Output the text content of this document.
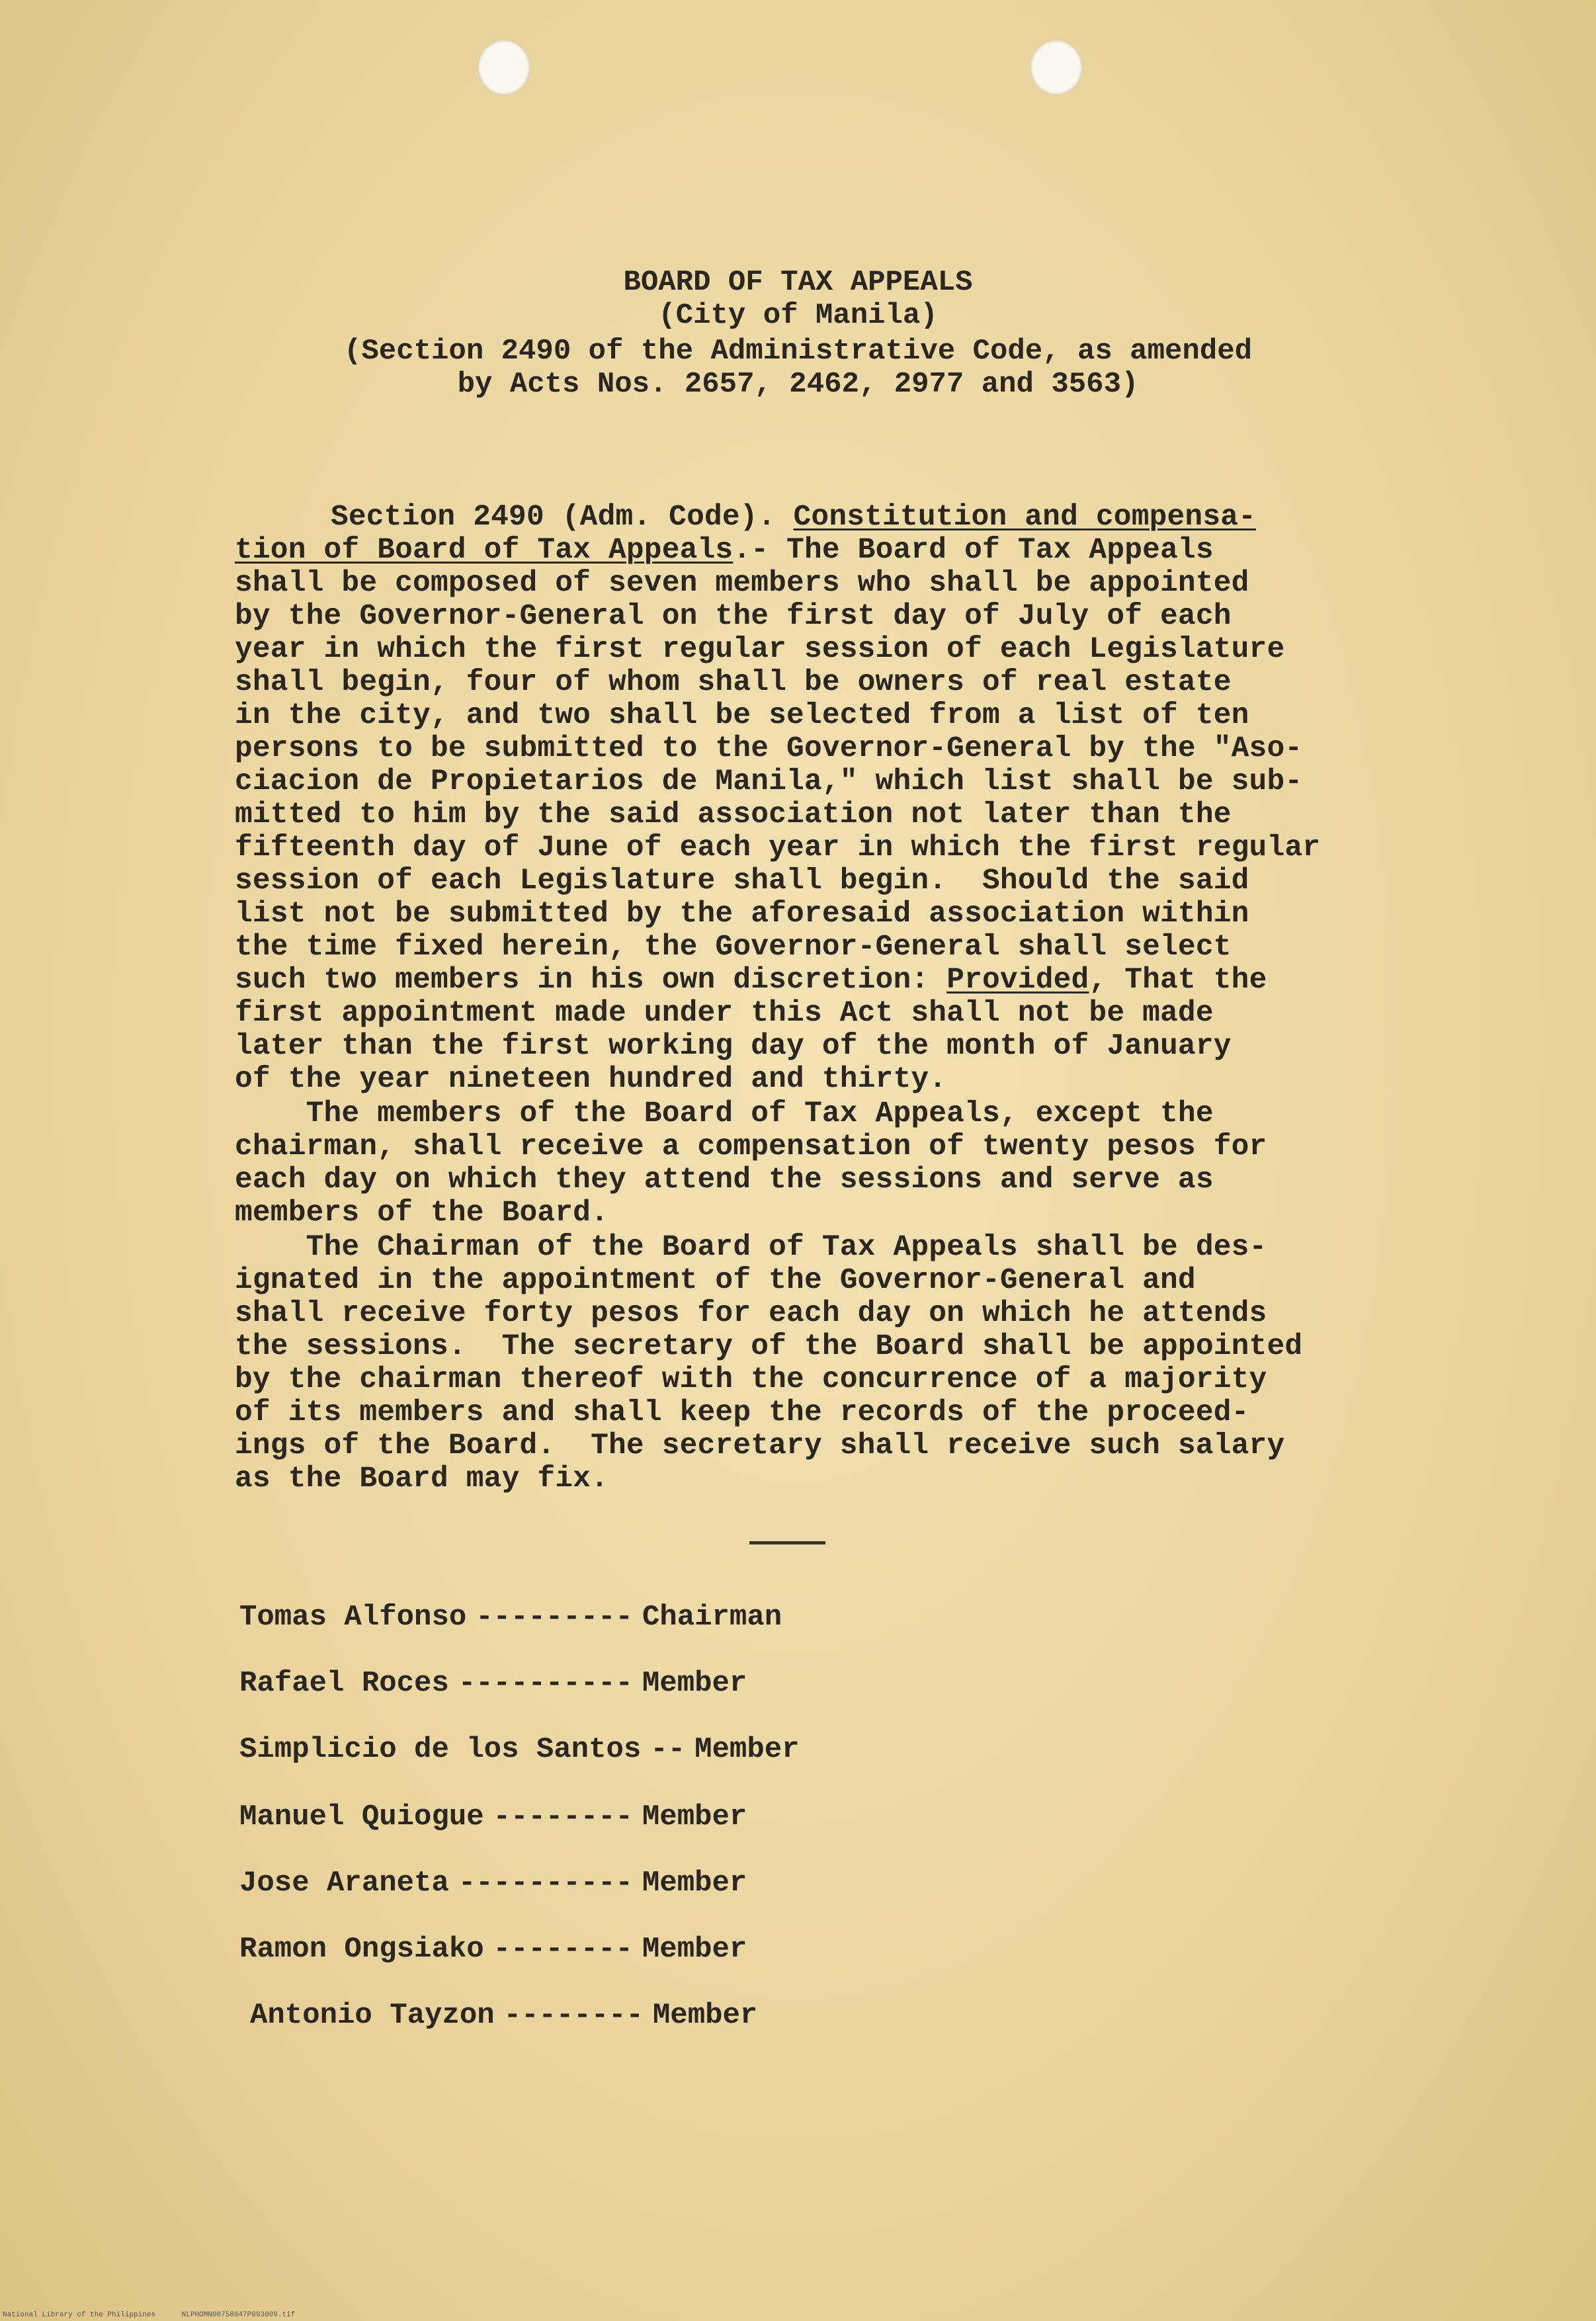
BOARD OF TAX APPEALS
(City of Manila)
(Section 2490 of the Administrative Code, as amended
by Acts Nos. 2657, 2462, 2977 and 3563)
Section 2490 (Adm. Code). Constitution and compensa-
tion of Board of Tax Appeals.- The Board of Tax Appeals
shall be composed of seven members who shall be appointed
by the Governor-General on the first day of July of each
year in which the first regular session of each Legislature
shall begin, four of whom shall be owners of real estate
in the city, and two shall be selected from a list of ten
persons to be submitted to the Governor-General by the "Aso-
ciacion de Propietarios de Manila," which list shall be sub-
mitted to him by the said association not later than the
fifteenth day of June of each year in which the first regular
session of each Legislature shall begin.  Should the said
list not be submitted by the aforesaid association within
the time fixed herein, the Governor-General shall select
such two members in his own discretion: Provided, That the
first appointment made under this Act shall not be made
later than the first working day of the month of January
of the year nineteen hundred and thirty.
The members of the Board of Tax Appeals, except the
chairman, shall receive a compensation of twenty pesos for
each day on which they attend the sessions and serve as
members of the Board.
The Chairman of the Board of Tax Appeals shall be des-
ignated in the appointment of the Governor-General and
shall receive forty pesos for each day on which he attends
the sessions.  The secretary of the Board shall be appointed
by the chairman thereof with the concurrence of a majority
of its members and shall keep the records of the proceed-
ings of the Board.  The secretary shall receive such salary
as the Board may fix.
Tomas Alfonso --------- Chairman
Rafael Roces ---------- Member
Simplicio de los Santos -- Member
Manuel Quiogue -------- Member
Jose Araneta ---------- Member
Ramon Ongsiako -------- Member
Antonio Tayzon -------- Member
National Library of the Philippines      NLPHOMN00758047P093009.tif
